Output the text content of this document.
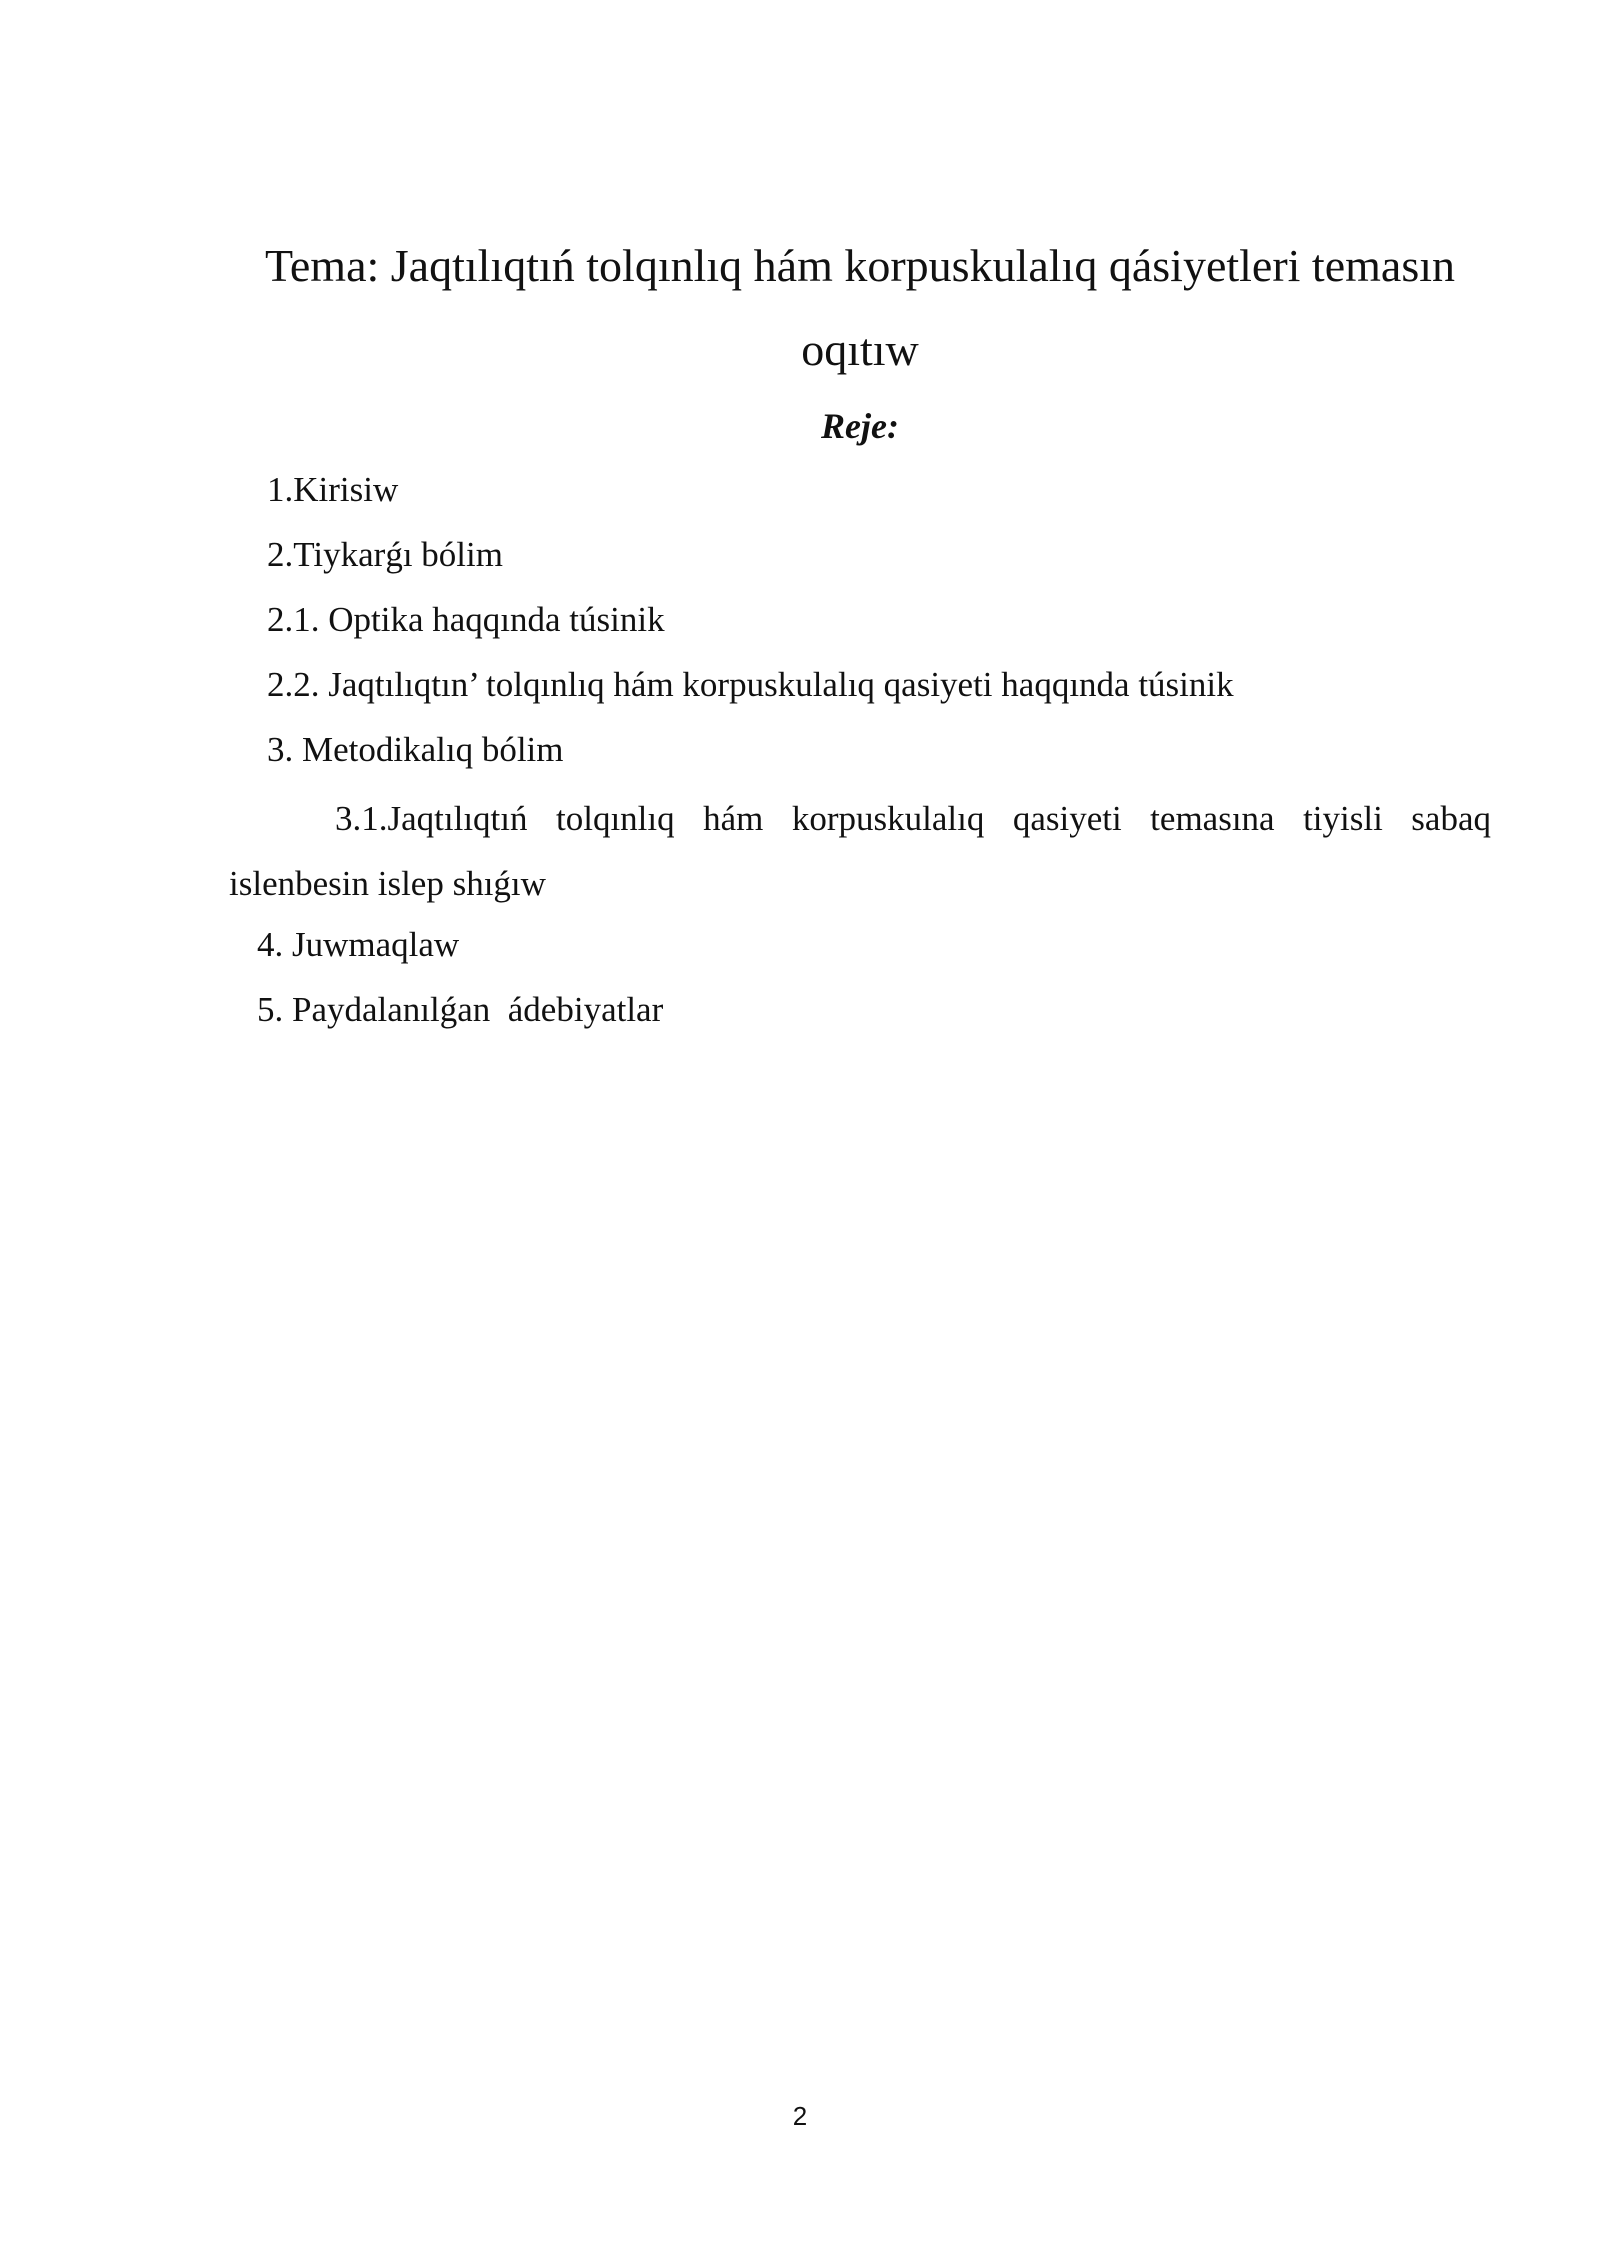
Tema: Jaqtılıqtıń tolqınlıq hám korpuskulalıq qásiyetleri temasın oqıtıw
Reje:
1.Kirisiw
2.Tiykarǵı bólim
2.1. Optika haqqında túsinik
2.2. Jaqtılıqtın’ tolqınlıq hám korpuskulalıq qasiyeti haqqında túsinik
3. Metodikalıq bólim
3.1.Jaqtılıqtıń tolqınlıq hám korpuskulalıq qasiyeti temasına tiyisli sabaq islenbesin islep shıǵıw
4. Juwmaqlaw
5. Paydalanılǵan  ádebiyatlar
2
